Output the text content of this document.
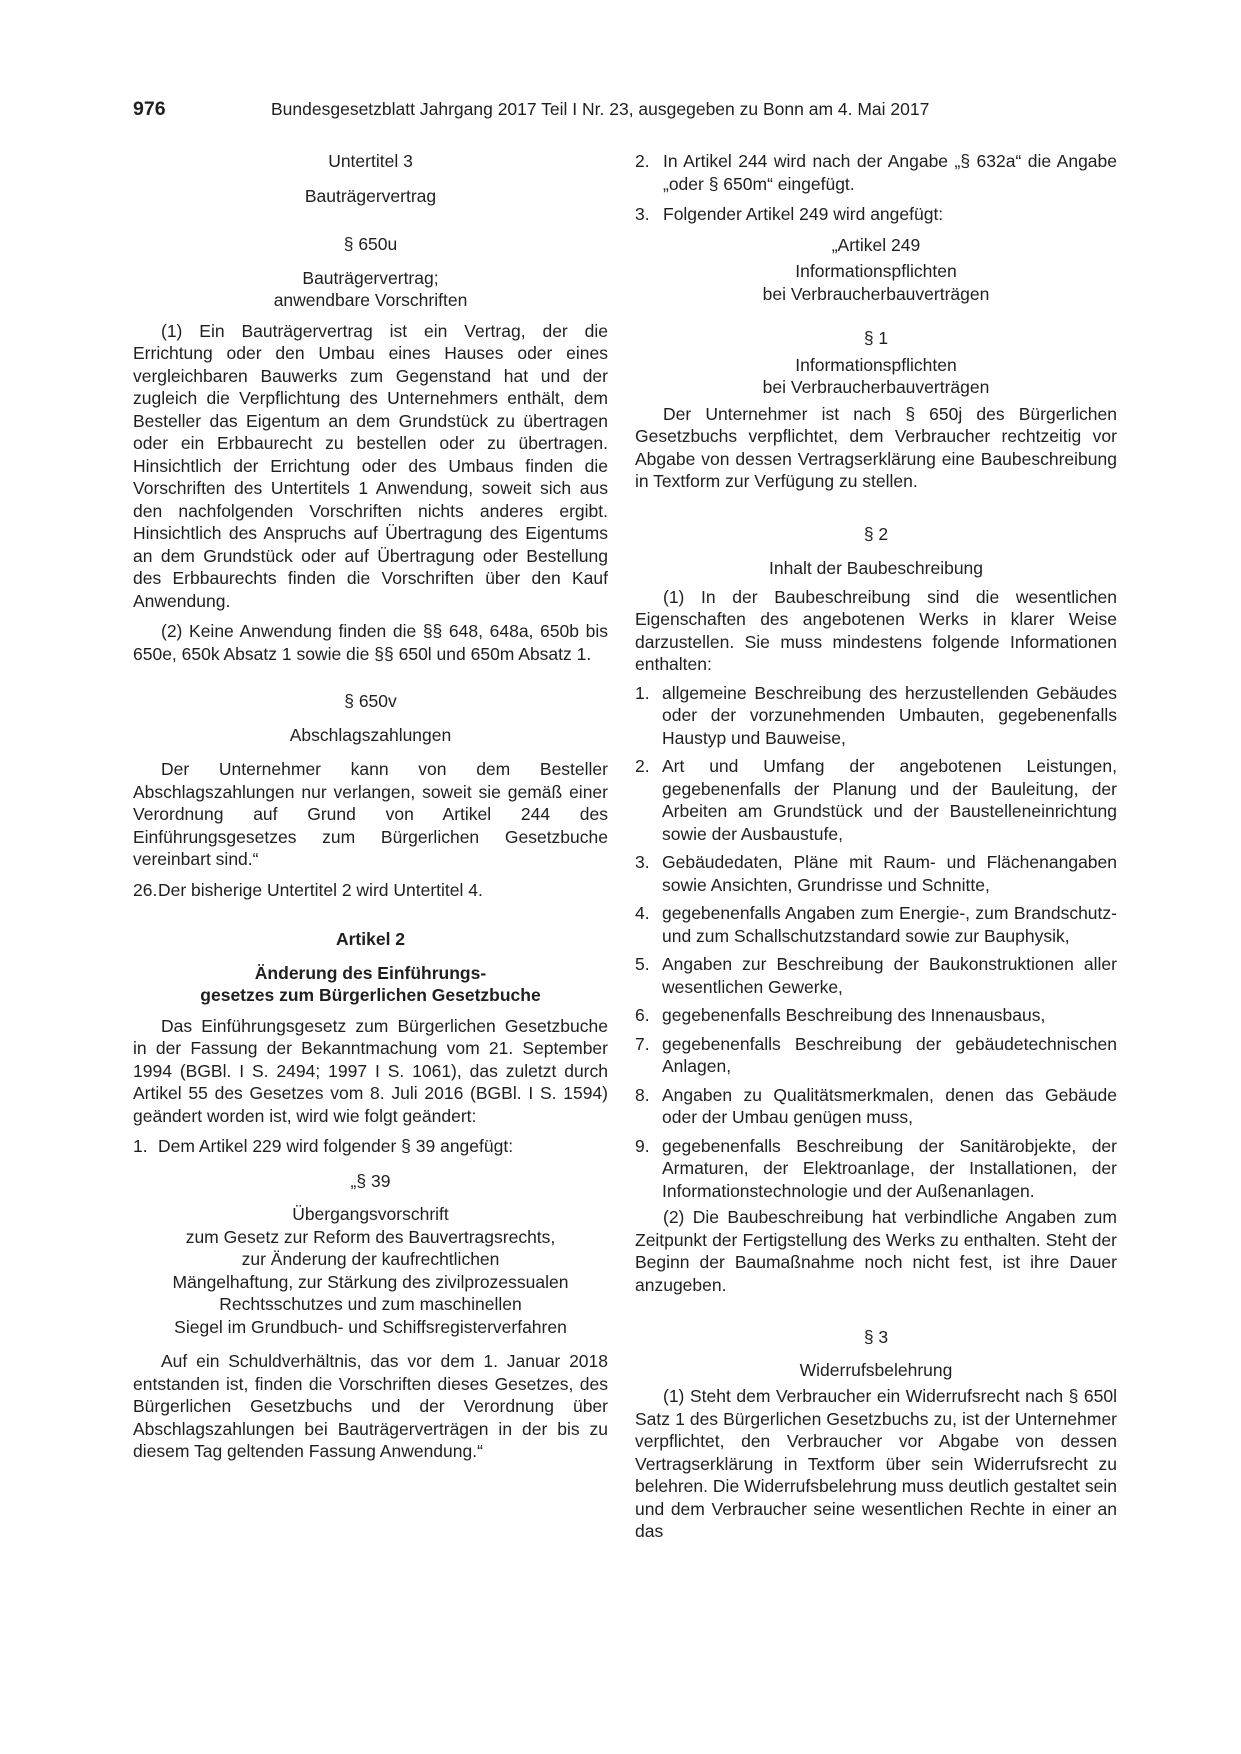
976	Bundesgesetzblatt Jahrgang 2017 Teil I Nr. 23, ausgegeben zu Bonn am 4. Mai 2017

Untertitel 3

Bauträgervertrag

§ 650u

Bauträgervertrag;

anwendbare Vorschriften

(1) Ein Bauträgervertrag ist ein Vertrag, der die Errichtung oder den Umbau eines Hauses oder eines vergleichbaren Bauwerks zum Gegenstand hat und der zugleich die Verpflichtung des Unternehmers enthält, dem Besteller das Eigentum an dem Grundstück zu übertragen oder ein Erbbaurecht zu bestellen oder zu übertragen. Hinsichtlich der Errichtung oder des Umbaus finden die Vorschriften des Untertitels 1 Anwendung, soweit sich aus den nachfolgenden Vorschriften nichts anderes ergibt. Hinsichtlich des Anspruchs auf Übertragung des Eigentums an dem Grundstück oder auf Übertragung oder Bestellung des Erbbaurechts finden die Vorschriften über den Kauf Anwendung.

(2) Keine Anwendung finden die §§ 648, 648a, 650b bis 650e, 650k Absatz 1 sowie die §§ 650l und 650m Absatz 1.

§ 650v

Abschlagszahlungen

Der Unternehmer kann von dem Besteller Abschlagszahlungen nur verlangen, soweit sie gemäß einer Verordnung auf Grund von Artikel 244 des Einführungsgesetzes zum Bürgerlichen Gesetzbuche vereinbart sind.“

26. Der bisherige Untertitel 2 wird Untertitel 4.

Artikel 2

Änderung des Einführungs-

gesetzes zum Bürgerlichen Gesetzbuche

Das Einführungsgesetz zum Bürgerlichen Gesetzbuche in der Fassung der Bekanntmachung vom 21. September 1994 (BGBl. I S. 2494; 1997 I S. 1061), das zuletzt durch Artikel 55 des Gesetzes vom 8. Juli 2016 (BGBl. I S. 1594) geändert worden ist, wird wie folgt geändert:

1. Dem Artikel 229 wird folgender § 39 angefügt:

„§ 39

Übergangsvorschrift

zum Gesetz zur Reform des Bauvertragsrechts,

zur Änderung der kaufrechtlichen

Mängelhaftung, zur Stärkung des zivilprozessualen

Rechtsschutzes und zum maschinellen

Siegel im Grundbuch- und Schiffsregisterverfahren

Auf ein Schuldverhältnis, das vor dem 1. Januar 2018 entstanden ist, finden die Vorschriften dieses Gesetzes, des Bürgerlichen Gesetzbuchs und der Verordnung über Abschlagszahlungen bei Bauträgerverträgen in der bis zu diesem Tag geltenden Fassung Anwendung.“

2. In Artikel 244 wird nach der Angabe „§ 632a“ die Angabe „oder § 650m“ eingefügt.

3. Folgender Artikel 249 wird angefügt:

„Artikel 249

Informationspflichten

bei Verbraucherbauverträgen

§ 1

Informationspflichten

bei Verbraucherbauverträgen

Der Unternehmer ist nach § 650j des Bürgerlichen Gesetzbuchs verpflichtet, dem Verbraucher rechtzeitig vor Abgabe von dessen Vertragserklärung eine Baubeschreibung in Textform zur Verfügung zu stellen.

§ 2

Inhalt der Baubeschreibung

(1) In der Baubeschreibung sind die wesentlichen Eigenschaften des angebotenen Werks in klarer Weise darzustellen. Sie muss mindestens folgende Informationen enthalten:

1. allgemeine Beschreibung des herzustellenden Gebäudes oder der vorzunehmenden Umbauten, gegebenenfalls Haustyp und Bauweise,

2. Art und Umfang der angebotenen Leistungen, gegebenenfalls der Planung und der Bauleitung, der Arbeiten am Grundstück und der Baustelleneinrichtung sowie der Ausbaustufe,

3. Gebäudedaten, Pläne mit Raum- und Flächenangaben sowie Ansichten, Grundrisse und Schnitte,

4. gegebenenfalls Angaben zum Energie-, zum Brandschutz- und zum Schallschutzstandard sowie zur Bauphysik,

5. Angaben zur Beschreibung der Baukonstruktionen aller wesentlichen Gewerke,

6. gegebenenfalls Beschreibung des Innenausbaus,

7. gegebenenfalls Beschreibung der gebäudetechnischen Anlagen,

8. Angaben zu Qualitätsmerkmalen, denen das Gebäude oder der Umbau genügen muss,

9. gegebenenfalls Beschreibung der Sanitärobjekte, der Armaturen, der Elektroanlage, der Installationen, der Informationstechnologie und der Außenanlagen.

(2) Die Baubeschreibung hat verbindliche Angaben zum Zeitpunkt der Fertigstellung des Werks zu enthalten. Steht der Beginn der Baumaßnahme noch nicht fest, ist ihre Dauer anzugeben.

§ 3

Widerrufsbelehrung

(1) Steht dem Verbraucher ein Widerrufsrecht nach § 650l Satz 1 des Bürgerlichen Gesetzbuchs zu, ist der Unternehmer verpflichtet, den Verbraucher vor Abgabe von dessen Vertragserklärung in Textform über sein Widerrufsrecht zu belehren. Die Widerrufsbelehrung muss deutlich gestaltet sein und dem Verbraucher seine wesentlichen Rechte in einer an das
